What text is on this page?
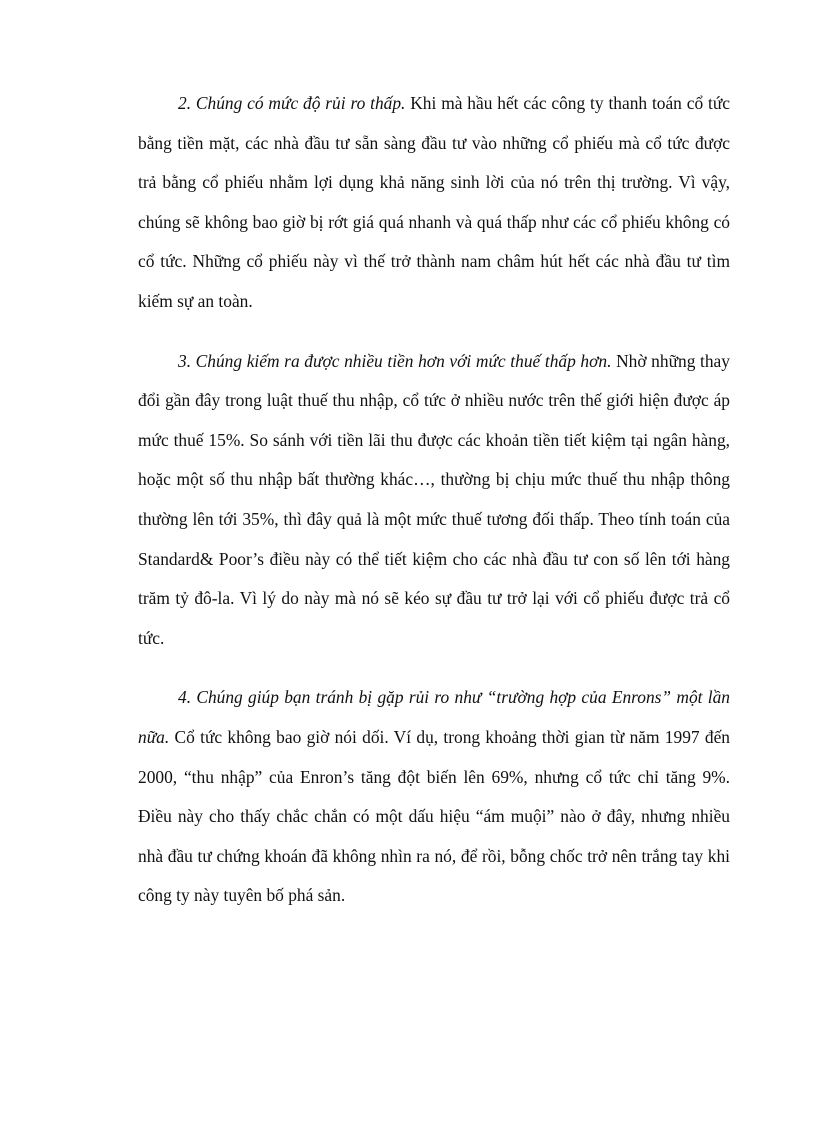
2. Chúng có mức độ rủi ro thấp. Khi mà hầu hết các công ty thanh toán cổ tức bằng tiền mặt, các nhà đầu tư sẵn sàng đầu tư vào những cổ phiếu mà cổ tức được trả bằng cổ phiếu nhằm lợi dụng khả năng sinh lời của nó trên thị trường. Vì vậy, chúng sẽ không bao giờ bị rớt giá quá nhanh và quá thấp như các cổ phiếu không có cổ tức. Những cổ phiếu này vì thế trở thành nam châm hút hết các nhà đầu tư tìm kiếm sự an toàn.

3. Chúng kiếm ra được nhiều tiền hơn với mức thuế thấp hơn. Nhờ những thay đổi gần đây trong luật thuế thu nhập, cổ tức ở nhiều nước trên thế giới hiện được áp mức thuế 15%. So sánh với tiền lãi thu được các khoản tiền tiết kiệm tại ngân hàng, hoặc một số thu nhập bất thường khác…, thường bị chịu mức thuế thu nhập thông thường lên tới 35%, thì đây quả là một mức thuế tương đối thấp. Theo tính toán của Standard& Poor’s điều này có thể tiết kiệm cho các nhà đầu tư con số lên tới hàng trăm tỷ đô-la. Vì lý do này mà nó sẽ kéo sự đầu tư trở lại với cổ phiếu được trả cổ tức.

4. Chúng giúp bạn tránh bị gặp rủi ro như “trường hợp của Enrons” một lần nữa. Cổ tức không bao giờ nói dối. Ví dụ, trong khoảng thời gian từ năm 1997 đến 2000, “thu nhập” của Enron’s tăng đột biến lên 69%, nhưng cổ tức chỉ tăng 9%. Điều này cho thấy chắc chắn có một dấu hiệu “ám muội” nào ở đây, nhưng nhiều nhà đầu tư chứng khoán đã không nhìn ra nó, để rồi, bỗng chốc trở nên trắng tay khi công ty này tuyên bố phá sản.
